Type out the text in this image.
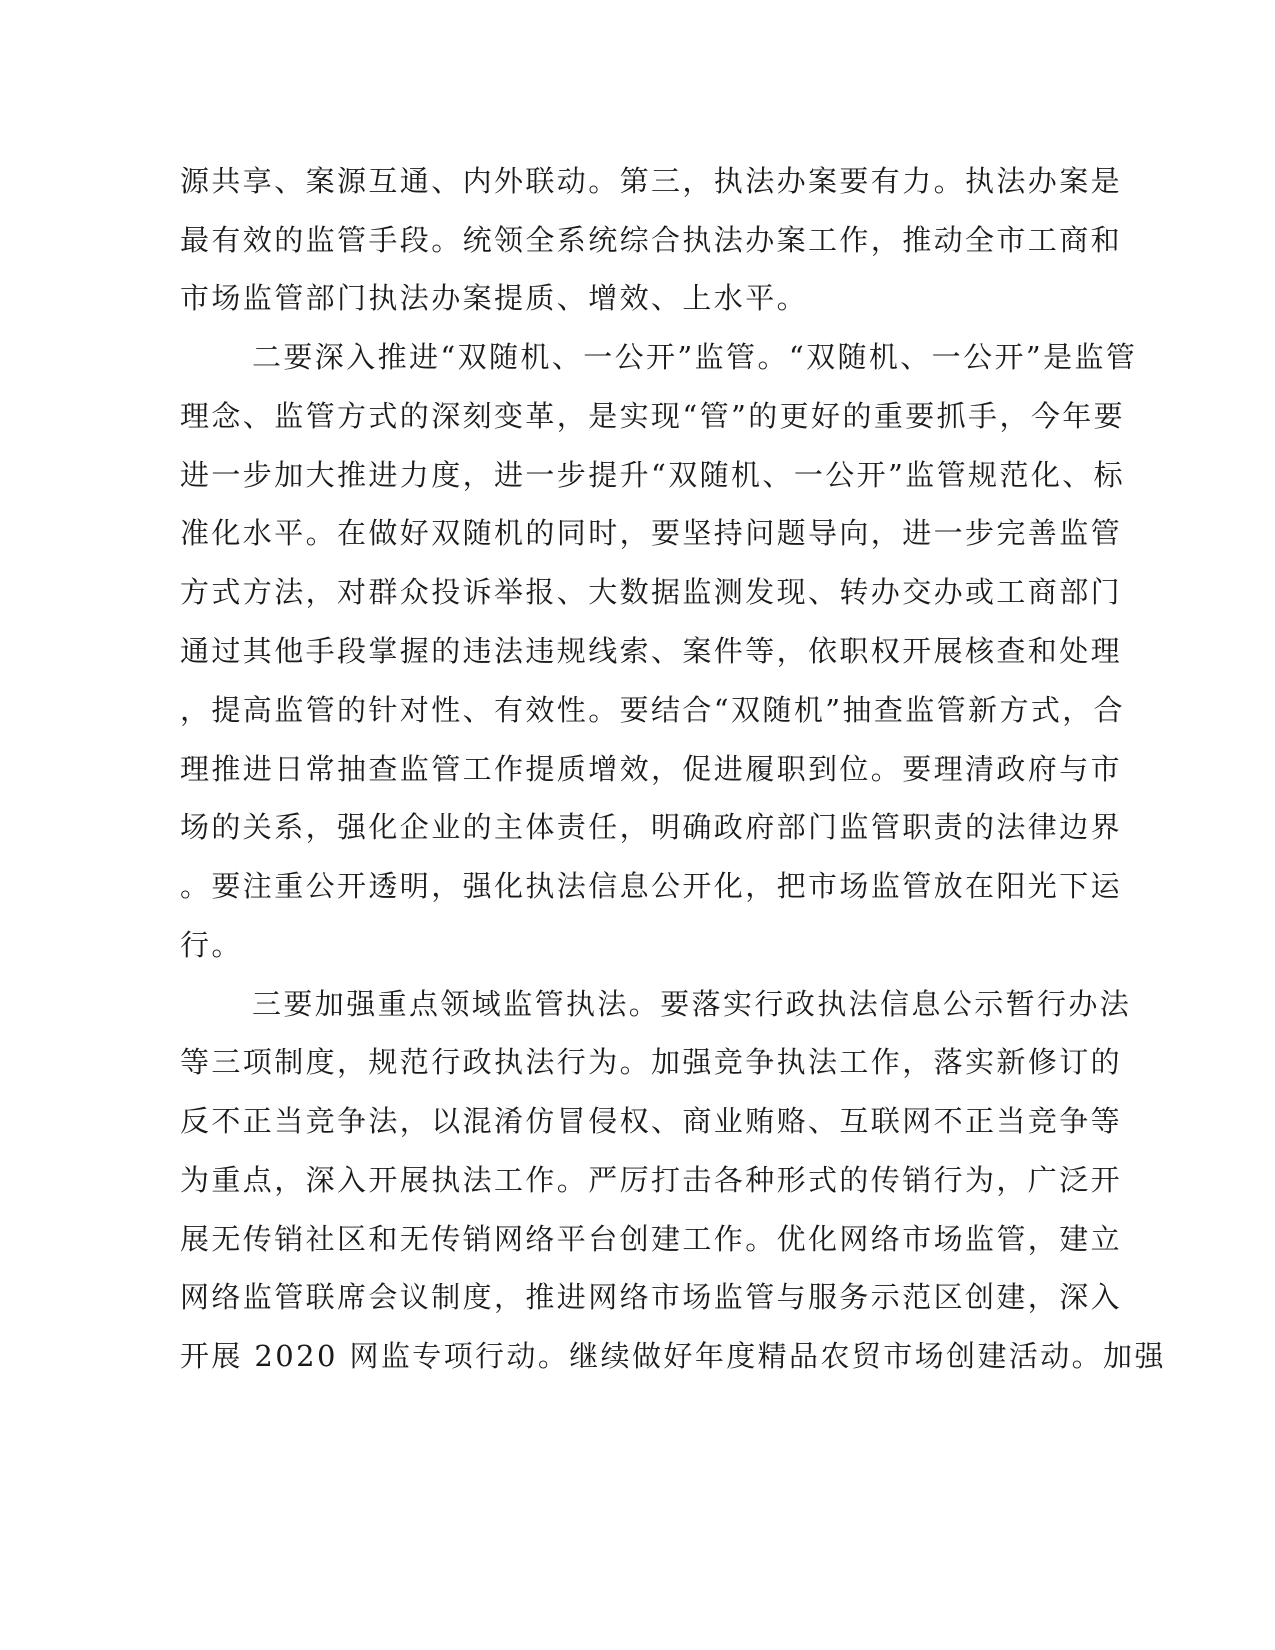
源共享、案源互通、内外联动。第三，执法办案要有力。执法办案是
最有效的监管手段。统领全系统综合执法办案工作，推动全市工商和
市场监管部门执法办案提质、增效、上水平。
二要深入推进“双随机、一公开”监管。“双随机、一公开”是监管
理念、监管方式的深刻变革，是实现“管”的更好的重要抓手，今年要
进一步加大推进力度，进一步提升“双随机、一公开”监管规范化、标
准化水平。在做好双随机的同时，要坚持问题导向，进一步完善监管
方式方法，对群众投诉举报、大数据监测发现、转办交办或工商部门
通过其他手段掌握的违法违规线索、案件等，依职权开展核查和处理
，提高监管的针对性、有效性。要结合“双随机”抽查监管新方式，合
理推进日常抽查监管工作提质增效，促进履职到位。要理清政府与市
场的关系，强化企业的主体责任，明确政府部门监管职责的法律边界
。要注重公开透明，强化执法信息公开化，把市场监管放在阳光下运
行。
三要加强重点领域监管执法。要落实行政执法信息公示暂行办法
等三项制度，规范行政执法行为。加强竞争执法工作，落实新修订的
反不正当竞争法，以混淆仿冒侵权、商业贿赂、互联网不正当竞争等
为重点，深入开展执法工作。严厉打击各种形式的传销行为，广泛开
展无传销社区和无传销网络平台创建工作。优化网络市场监管，建立
网络监管联席会议制度，推进网络市场监管与服务示范区创建，深入
开展 2020 网监专项行动。继续做好年度精品农贸市场创建活动。加强
